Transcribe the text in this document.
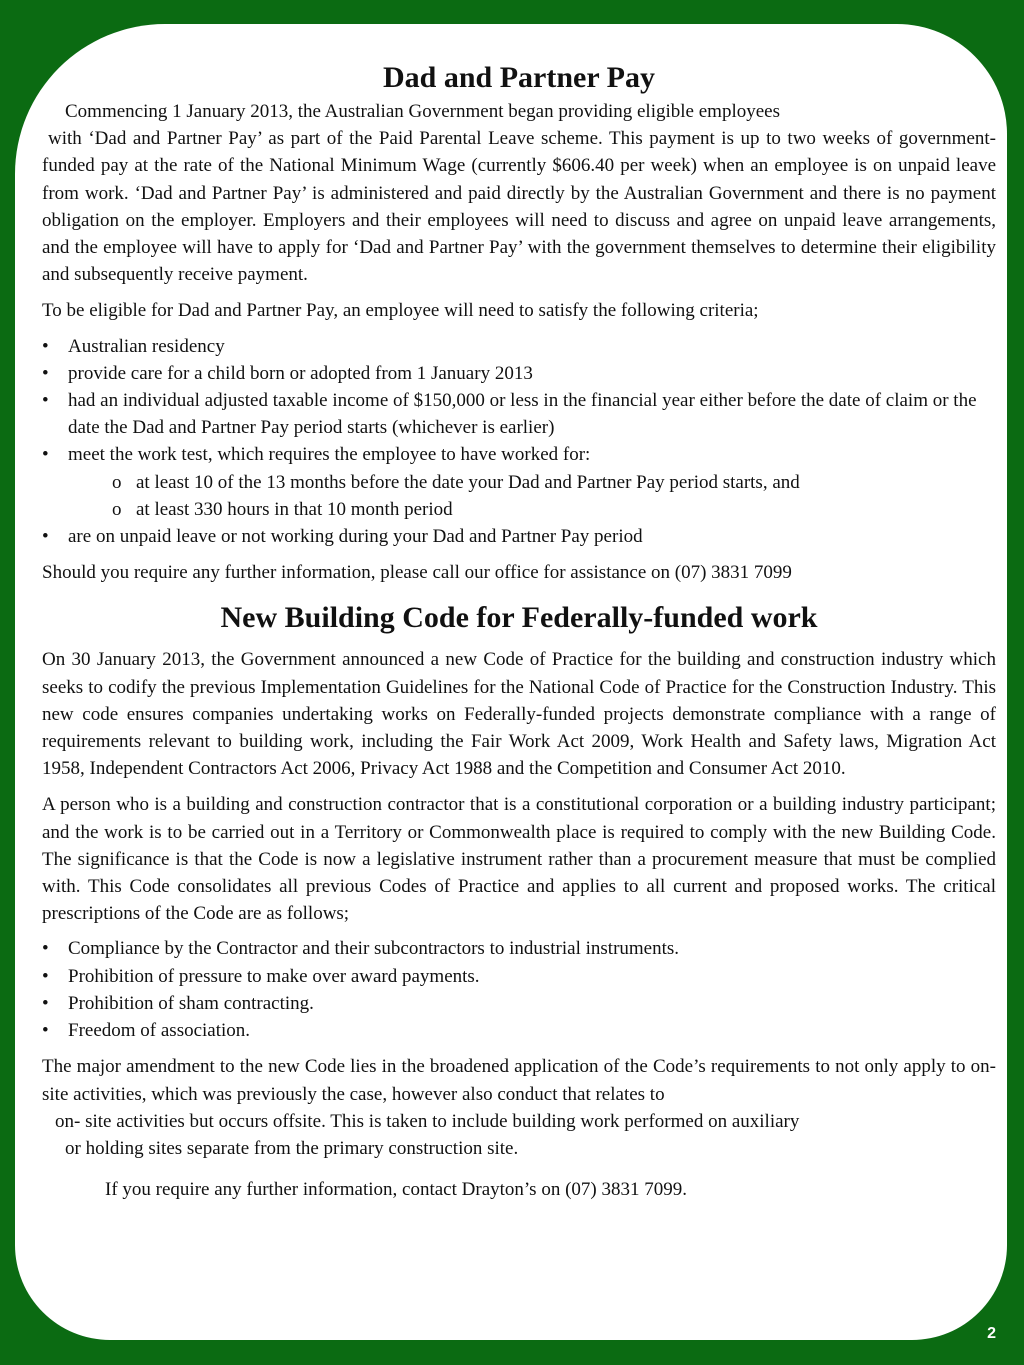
Dad and Partner Pay

Commencing 1 January 2013, the Australian Government began providing eligible employees

with ‘Dad and Partner Pay’ as part of the Paid Parental Leave scheme. This payment is up to two weeks of government-funded pay at the rate of the National Minimum Wage (currently $606.40 per week) when an employee is on unpaid leave from work. ‘Dad and Partner Pay’ is administered and paid directly by the Australian Government and there is no payment obligation on the employer. Employers and their employees will need to discuss and agree on unpaid leave arrangements, and the employee will have to apply for ‘Dad and Partner Pay’ with the government themselves to determine their eligibility and subsequently receive payment.

To be eligible for Dad and Partner Pay, an employee will need to satisfy the following criteria;

• Australian residency
• provide care for a child born or adopted from 1 January 2013
• had an individual adjusted taxable income of $150,000 or less in the financial year either before the date of claim or the date the Dad and Partner Pay period starts (whichever is earlier)
• meet the work test, which requires the employee to have worked for:
o at least 10 of the 13 months before the date your Dad and Partner Pay period starts, and
o at least 330 hours in that 10 month period
• are on unpaid leave or not working during your Dad and Partner Pay period

Should you require any further information, please call our office for assistance on (07) 3831 7099

New Building Code for Federally-funded work

On 30 January 2013, the Government announced a new Code of Practice for the building and construction industry which seeks to codify the previous Implementation Guidelines for the National Code of Practice for the Construction Industry. This new code ensures companies undertaking works on Federally-funded projects demonstrate compliance with a range of requirements relevant to building work, including the Fair Work Act 2009, Work Health and Safety laws, Migration Act 1958, Independent Contractors Act 2006, Privacy Act 1988 and the Competition and Consumer Act 2010.

A person who is a building and construction contractor that is a constitutional corporation or a building industry participant; and the work is to be carried out in a Territory or Commonwealth place is required to comply with the new Building Code. The significance is that the Code is now a legislative instrument rather than a procurement measure that must be complied with. This Code consolidates all previous Codes of Practice and applies to all current and proposed works. The critical prescriptions of the Code are as follows;

• Compliance by the Contractor and their subcontractors to industrial instruments.
• Prohibition of pressure to make over award payments.
• Prohibition of sham contracting.
• Freedom of association.

The major amendment to the new Code lies in the broadened application of the Code’s requirements to not only apply to on-site activities, which was previously the case, however also conduct that relates to

on- site activities but occurs offsite. This is taken to include building work performed on auxiliary

or holding sites separate from the primary construction site.

If you require any further information, contact Drayton’s on (07) 3831 7099.

2
